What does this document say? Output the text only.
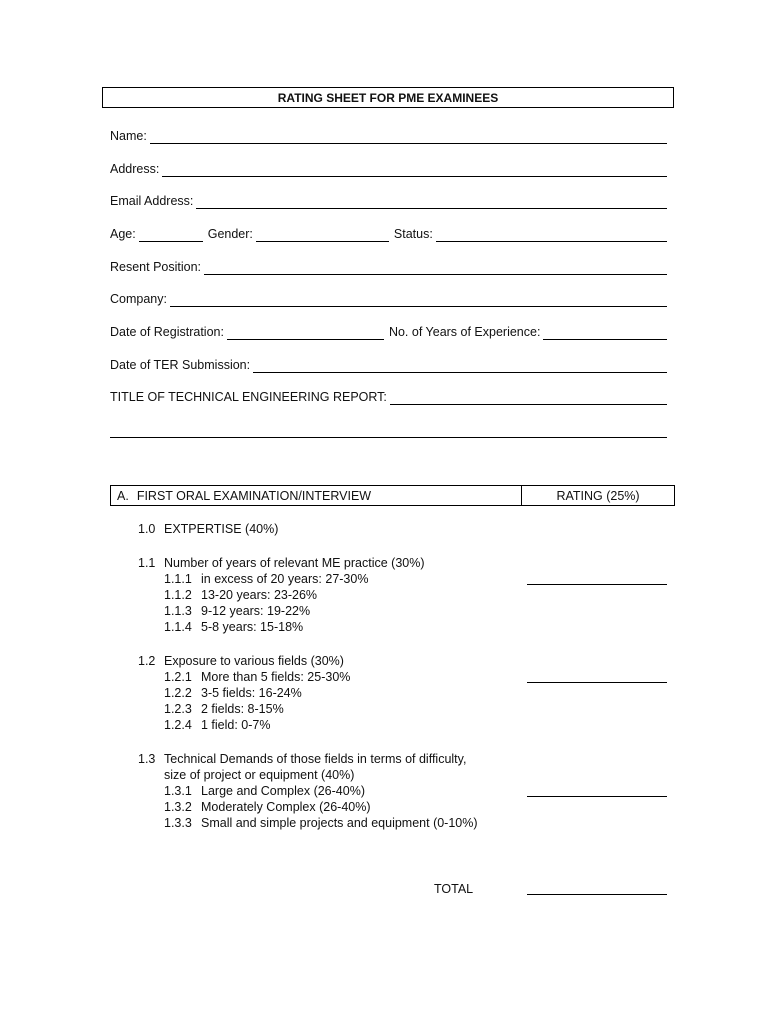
RATING SHEET FOR PME EXAMINEES
Name:
Address:
Email Address:
Age:	Gender:	Status:
Resent Position:
Company:
Date of Registration:	No. of Years of Experience:
Date of TER Submission:
TITLE OF TECHNICAL ENGINEERING REPORT:
A. FIRST ORAL EXAMINATION/INTERVIEW	RATING (25%)
1.0 EXTPERTISE (40%)
1.1 Number of years of relevant ME practice (30%)
1.1.1 in excess of 20 years: 27-30%
1.1.2 13-20 years: 23-26%
1.1.3 9-12 years: 19-22%
1.1.4 5-8 years: 15-18%
1.2 Exposure to various fields (30%)
1.2.1 More than 5 fields: 25-30%
1.2.2 3-5 fields: 16-24%
1.2.3 2 fields: 8-15%
1.2.4 1 field: 0-7%
1.3 Technical Demands of those fields in terms of difficulty,
size of project or equipment (40%)
1.3.1 Large and Complex (26-40%)
1.3.2 Moderately Complex (26-40%)
1.3.3 Small and simple projects and equipment (0-10%)
TOTAL
